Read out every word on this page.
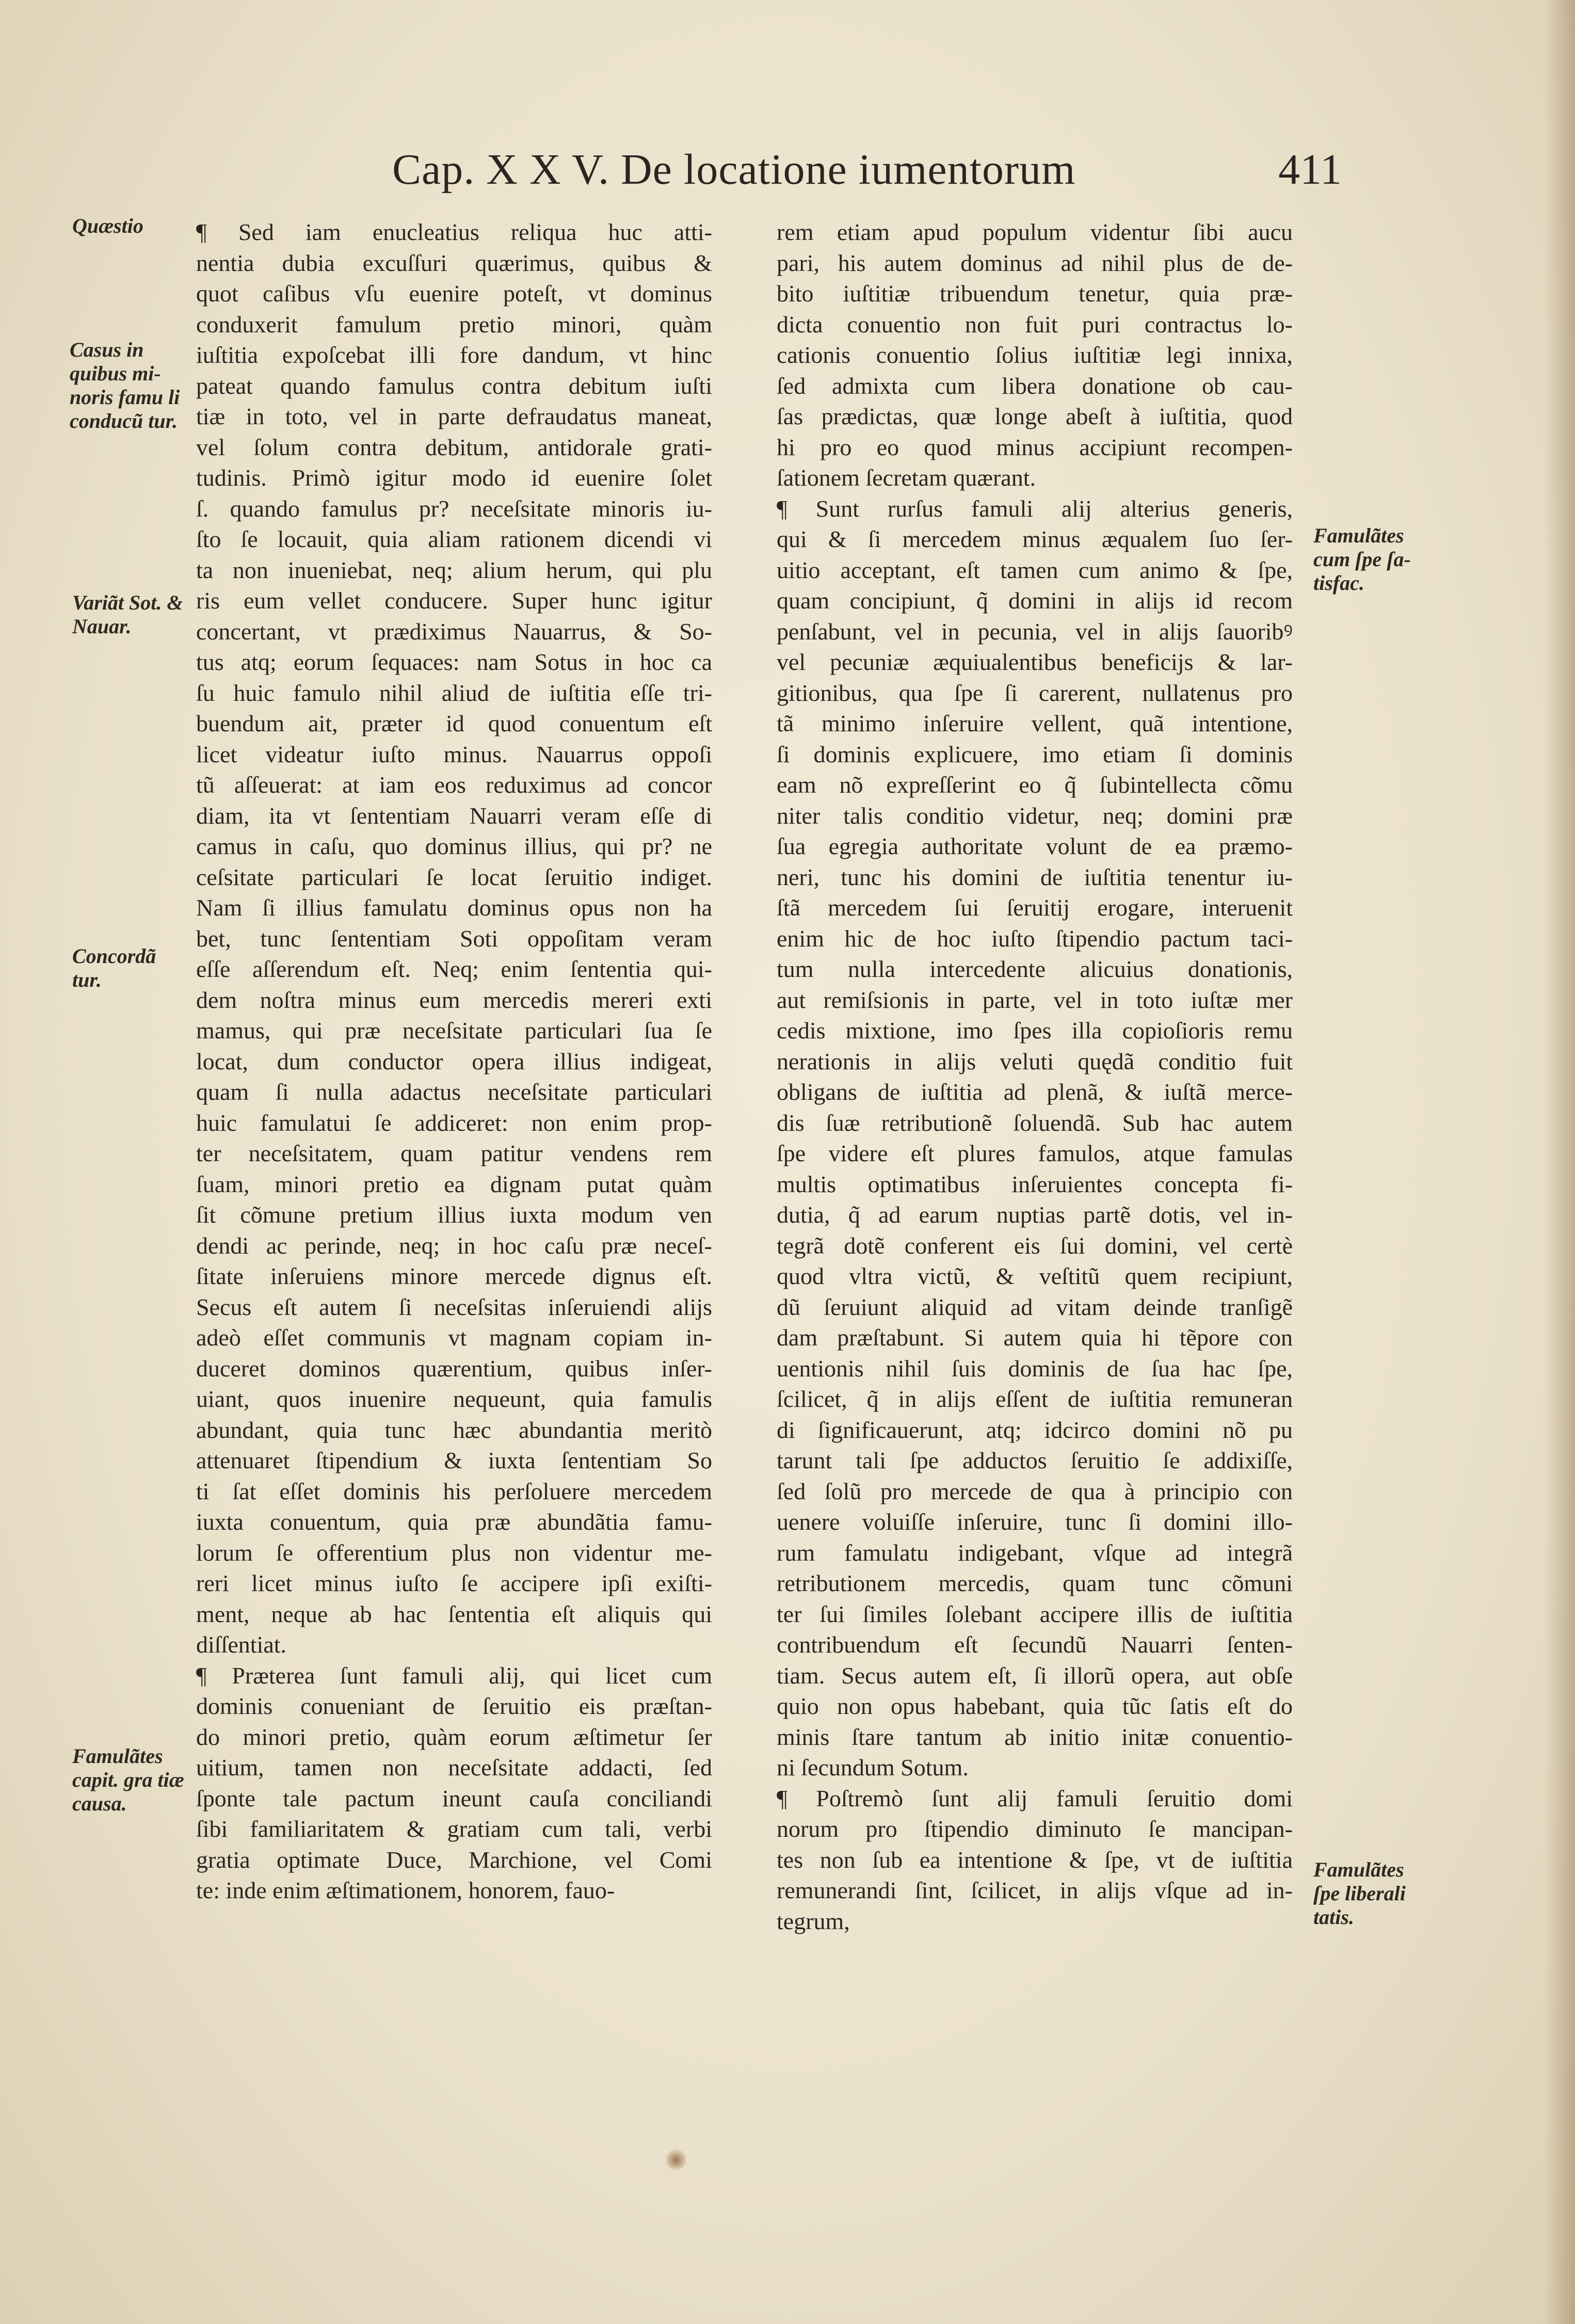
Cap. X X V. De locatione iumentorum	411
Quæstio
Casus in quibus mi-noris famu li conducũ tur.
Variãt Sot. & Nauar.
Concordã tur.
Famulãtes capit. gra tiæ causa.
Famulãtes cum ſpe ſa-tisfac.
Famulãtes ſpe liberali tatis.
¶ Sed iam enucleatius reliqua huc atti-
nentia dubia excuſſuri quærimus, quibus &
quot caſibus vſu euenire poteſt, vt dominus
conduxerit famulum pretio minori, quàm
iuſtitia expoſcebat illi fore dandum, vt hinc
pateat quando famulus contra debitum iuſti
tiæ in toto, vel in parte defraudatus maneat,
vel ſolum contra debitum, antidorale grati-
tudinis. Primò igitur modo id euenire ſolet
ſ. quando famulus pr? neceſsitate minoris iu-
ſto ſe locauit, quia aliam rationem dicendi vi
ta non inueniebat, neq; alium herum, qui plu
ris eum vellet conducere. Super hunc igitur
concertant, vt prædiximus Nauarrus, & So-
tus atq; eorum ſequaces: nam Sotus in hoc ca
ſu huic famulo nihil aliud de iuſtitia eſſe tri-
buendum ait, præter id quod conuentum eſt
licet videatur iuſto minus. Nauarrus oppoſi
tũ aſſeuerat: at iam eos reduximus ad concor
diam, ita vt ſententiam Nauarri veram eſſe di
camus in caſu, quo dominus illius, qui pr? ne
ceſsitate particulari ſe locat ſeruitio indiget.
Nam ſi illius famulatu dominus opus non ha
bet, tunc ſententiam Soti oppoſitam veram
eſſe aſſerendum eſt. Neq; enim ſententia qui-
dem noſtra minus eum mercedis mereri exti
mamus, qui præ neceſsitate particulari ſua ſe
locat, dum conductor opera illius indigeat,
quam ſi nulla adactus neceſsitate particulari
huic famulatui ſe addiceret: non enim prop-
ter neceſsitatem, quam patitur vendens rem
ſuam, minori pretio ea dignam putat quàm
ſit cõmune pretium illius iuxta modum ven
dendi ac perinde, neq; in hoc caſu præ neceſ-
ſitate inſeruiens minore mercede dignus eſt.
Secus eſt autem ſi neceſsitas inſeruiendi alijs
adeò eſſet communis vt magnam copiam in-
duceret dominos quærentium, quibus inſer-
uiant, quos inuenire nequeunt, quia famulis
abundant, quia tunc hæc abundantia meritò
attenuaret ſtipendium & iuxta ſententiam So
ti ſat eſſet dominis his perſoluere mercedem
iuxta conuentum, quia præ abundãtia famu-
lorum ſe offerentium plus non videntur me-
reri licet minus iuſto ſe accipere ipſi exiſti-
ment, neque ab hac ſententia eſt aliquis qui
diſſentiat.
¶ Præterea ſunt famuli alij, qui licet cum
dominis conueniant de ſeruitio eis præſtan-
do minori pretio, quàm eorum æſtimetur ſer
uitium, tamen non neceſsitate addacti, ſed
ſponte tale pactum ineunt cauſa conciliandi
ſibi familiaritatem & gratiam cum tali, verbi
gratia optimate Duce, Marchione, vel Comi
te: inde enim æſtimationem, honorem, fauo-
rem etiam apud populum videntur ſibi aucu
pari, his autem dominus ad nihil plus de de-
bito iuſtitiæ tribuendum tenetur, quia præ-
dicta conuentio non fuit puri contractus lo-
cationis conuentio ſolius iuſtitiæ legi innixa,
ſed admixta cum libera donatione ob cau-
ſas prædictas, quæ longe abeſt à iuſtitia, quod
hi pro eo quod minus accipiunt recompen-
ſationem ſecretam quærant.
¶ Sunt rurſus famuli alij alterius generis,
qui & ſi mercedem minus æqualem ſuo ſer-
uitio acceptant, eſt tamen cum animo & ſpe,
quam concipiunt, q̃ domini in alijs id recom
penſabunt, vel in pecunia, vel in alijs ſauoribꝰ
vel pecuniæ æquiualentibus beneficijs & lar-
gitionibus, qua ſpe ſi carerent, nullatenus pro
tã minimo inſeruire vellent, quã intentione,
ſi dominis explicuere, imo etiam ſi dominis
eam nõ expreſſerint eo q̃ ſubintellecta cõmu
niter talis conditio videtur, neq; domini præ
ſua egregia authoritate volunt de ea præmo-
neri, tunc his domini de iuſtitia tenentur iu-
ſtã mercedem ſui ſeruitij erogare, interuenit
enim hic de hoc iuſto ſtipendio pactum taci-
tum nulla intercedente alicuius donationis,
aut remiſsionis in parte, vel in toto iuſtæ mer
cedis mixtione, imo ſpes illa copioſioris remu
nerationis in alijs veluti quędã conditio fuit
obligans de iuſtitia ad plenã, & iuſtã merce-
dis ſuæ retributionẽ ſoluendã. Sub hac autem
ſpe videre eſt plures famulos, atque famulas
multis optimatibus inſeruientes concepta fi-
dutia, q̃ ad earum nuptias partẽ dotis, vel in-
tegrã dotẽ conferent eis ſui domini, vel certè
quod vltra victũ, & veſtitũ quem recipiunt,
dũ ſeruiunt aliquid ad vitam deinde tranſigẽ
dam præſtabunt. Si autem quia hi tẽpore con
uentionis nihil ſuis dominis de ſua hac ſpe,
ſcilicet, q̃ in alijs eſſent de iuſtitia remuneran
di ſignificauerunt, atq; idcirco domini nõ pu
tarunt tali ſpe adductos ſeruitio ſe addixiſſe,
ſed ſolũ pro mercede de qua à principio con
uenere voluiſſe inſeruire, tunc ſi domini illo-
rum famulatu indigebant, vſque ad integrã
retributionem mercedis, quam tunc cõmuni
ter ſui ſimiles ſolebant accipere illis de iuſtitia
contribuendum eſt ſecundũ Nauarri ſenten-
tiam. Secus autem eſt, ſi illorũ opera, aut obſe
quio non opus habebant, quia tũc ſatis eſt do
minis ſtare tantum ab initio initæ conuentio-
ni ſecundum Sotum.
¶ Poſtremò ſunt alij famuli ſeruitio domi
norum pro ſtipendio diminuto ſe mancipan-
tes non ſub ea intentione & ſpe, vt de iuſtitia
remunerandi ſint, ſcilicet, in alijs vſque ad in-
tegrum,
